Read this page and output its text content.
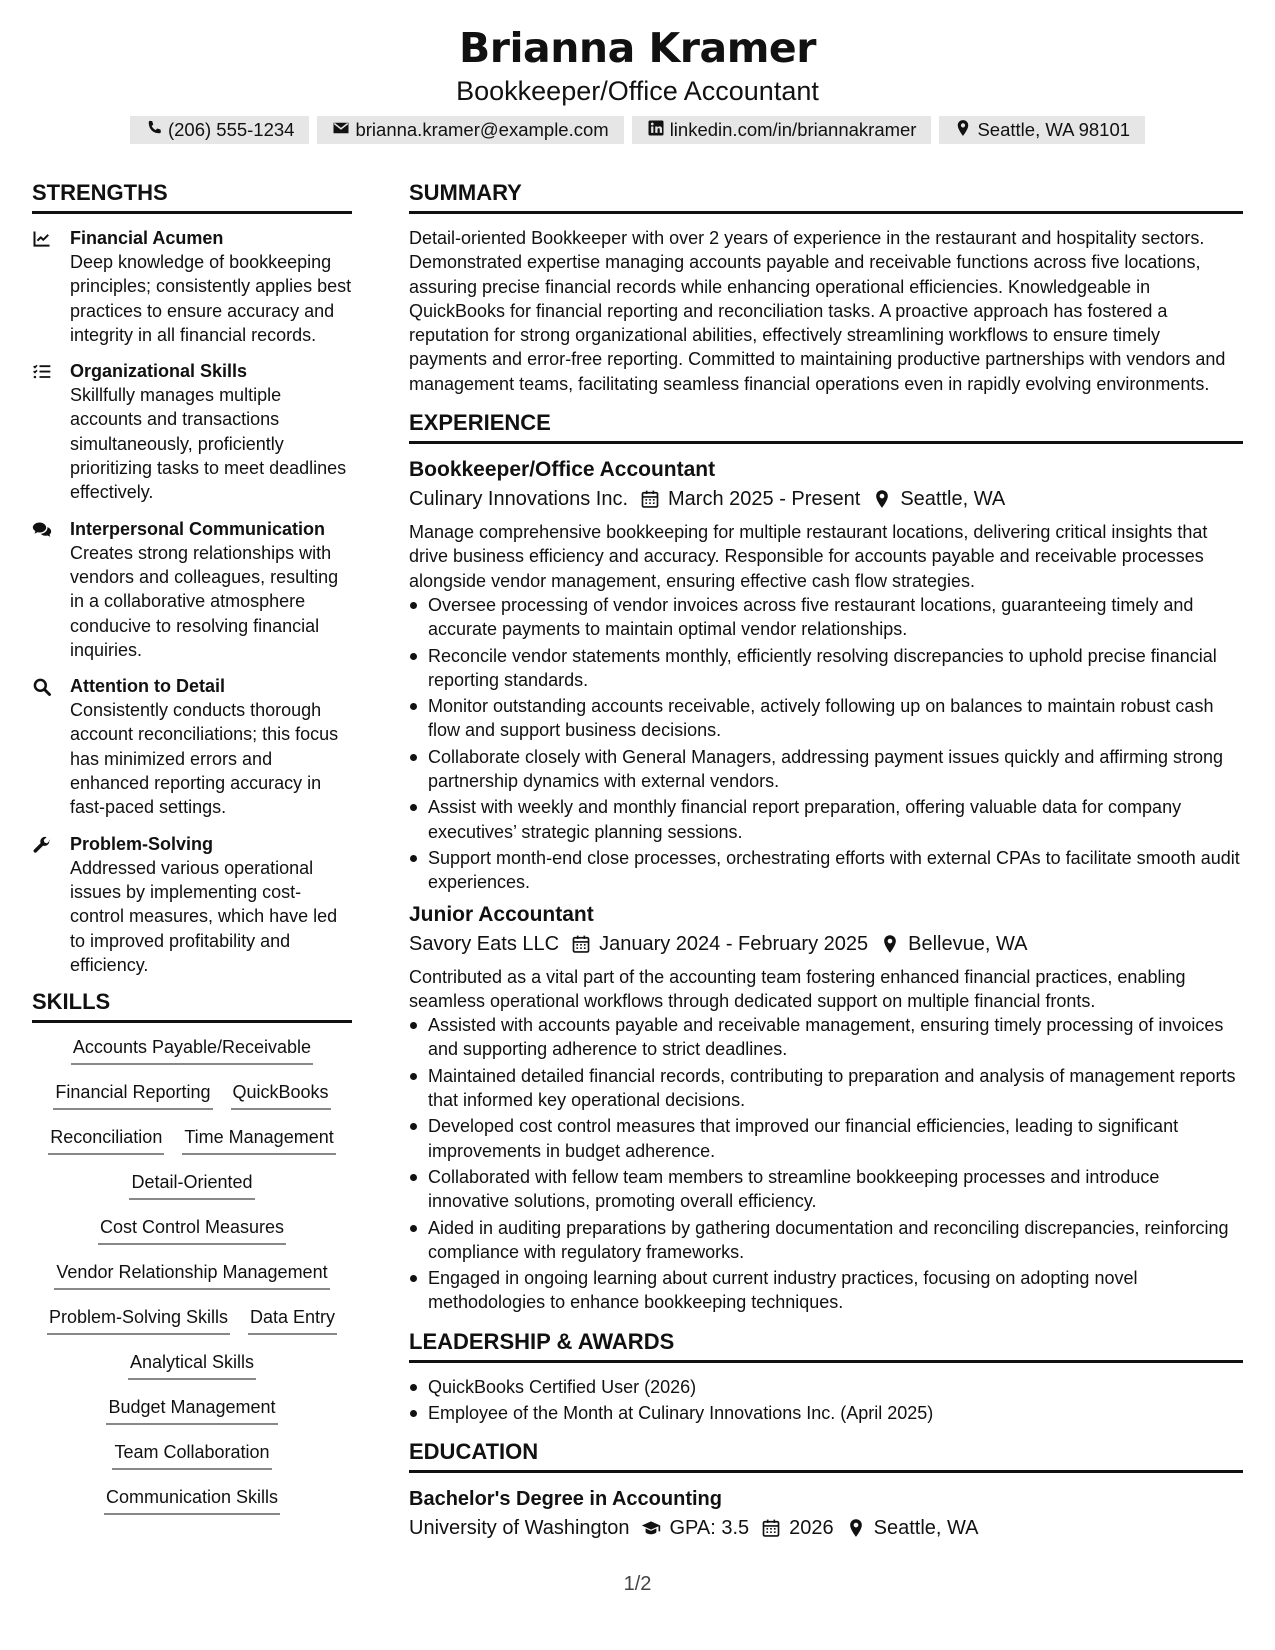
Brianna Kramer
Bookkeeper/Office Accountant
(206) 555-1234	brianna.kramer@example.com	linkedin.com/in/briannakramer	Seattle, WA 98101
STRENGTHS
Financial Acumen
Deep knowledge of bookkeeping principles; consistently applies best practices to ensure accuracy and integrity in all financial records.
Organizational Skills
Skillfully manages multiple accounts and transactions simultaneously, proficiently prioritizing tasks to meet deadlines effectively.
Interpersonal Communication
Creates strong relationships with vendors and colleagues, resulting in a collaborative atmosphere conducive to resolving financial inquiries.
Attention to Detail
Consistently conducts thorough account reconciliations; this focus has minimized errors and enhanced reporting accuracy in fast-paced settings.
Problem-Solving
Addressed various operational issues by implementing cost-control measures, which have led to improved profitability and efficiency.
SKILLS
Accounts Payable/Receivable
Financial Reporting QuickBooks
Reconciliation Time Management
Detail-Oriented
Cost Control Measures
Vendor Relationship Management
Problem-Solving Skills Data Entry
Analytical Skills
Budget Management
Team Collaboration
Communication Skills
SUMMARY
Detail-oriented Bookkeeper with over 2 years of experience in the restaurant and hospitality sectors. Demonstrated expertise managing accounts payable and receivable functions across five locations, assuring precise financial records while enhancing operational efficiencies. Knowledgeable in QuickBooks for financial reporting and reconciliation tasks. A proactive approach has fostered a reputation for strong organizational abilities, effectively streamlining workflows to ensure timely payments and error-free reporting. Committed to maintaining productive partnerships with vendors and management teams, facilitating seamless financial operations even in rapidly evolving environments.
EXPERIENCE
Bookkeeper/Office Accountant
Culinary Innovations Inc. March 2025 - Present Seattle, WA
Manage comprehensive bookkeeping for multiple restaurant locations, delivering critical insights that drive business efficiency and accuracy. Responsible for accounts payable and receivable processes alongside vendor management, ensuring effective cash flow strategies.
Oversee processing of vendor invoices across five restaurant locations, guaranteeing timely and accurate payments to maintain optimal vendor relationships.
Reconcile vendor statements monthly, efficiently resolving discrepancies to uphold precise financial reporting standards.
Monitor outstanding accounts receivable, actively following up on balances to maintain robust cash flow and support business decisions.
Collaborate closely with General Managers, addressing payment issues quickly and affirming strong partnership dynamics with external vendors.
Assist with weekly and monthly financial report preparation, offering valuable data for company executives’ strategic planning sessions.
Support month-end close processes, orchestrating efforts with external CPAs to facilitate smooth audit experiences.
Junior Accountant
Savory Eats LLC January 2024 - February 2025 Bellevue, WA
Contributed as a vital part of the accounting team fostering enhanced financial practices, enabling seamless operational workflows through dedicated support on multiple financial fronts.
Assisted with accounts payable and receivable management, ensuring timely processing of invoices and supporting adherence to strict deadlines.
Maintained detailed financial records, contributing to preparation and analysis of management reports that informed key operational decisions.
Developed cost control measures that improved our financial efficiencies, leading to significant improvements in budget adherence.
Collaborated with fellow team members to streamline bookkeeping processes and introduce innovative solutions, promoting overall efficiency.
Aided in auditing preparations by gathering documentation and reconciling discrepancies, reinforcing compliance with regulatory frameworks.
Engaged in ongoing learning about current industry practices, focusing on adopting novel methodologies to enhance bookkeeping techniques.
LEADERSHIP & AWARDS
QuickBooks Certified User (2026)
Employee of the Month at Culinary Innovations Inc. (April 2025)
EDUCATION
Bachelor's Degree in Accounting
University of Washington GPA: 3.5 2026 Seattle, WA
1/2
